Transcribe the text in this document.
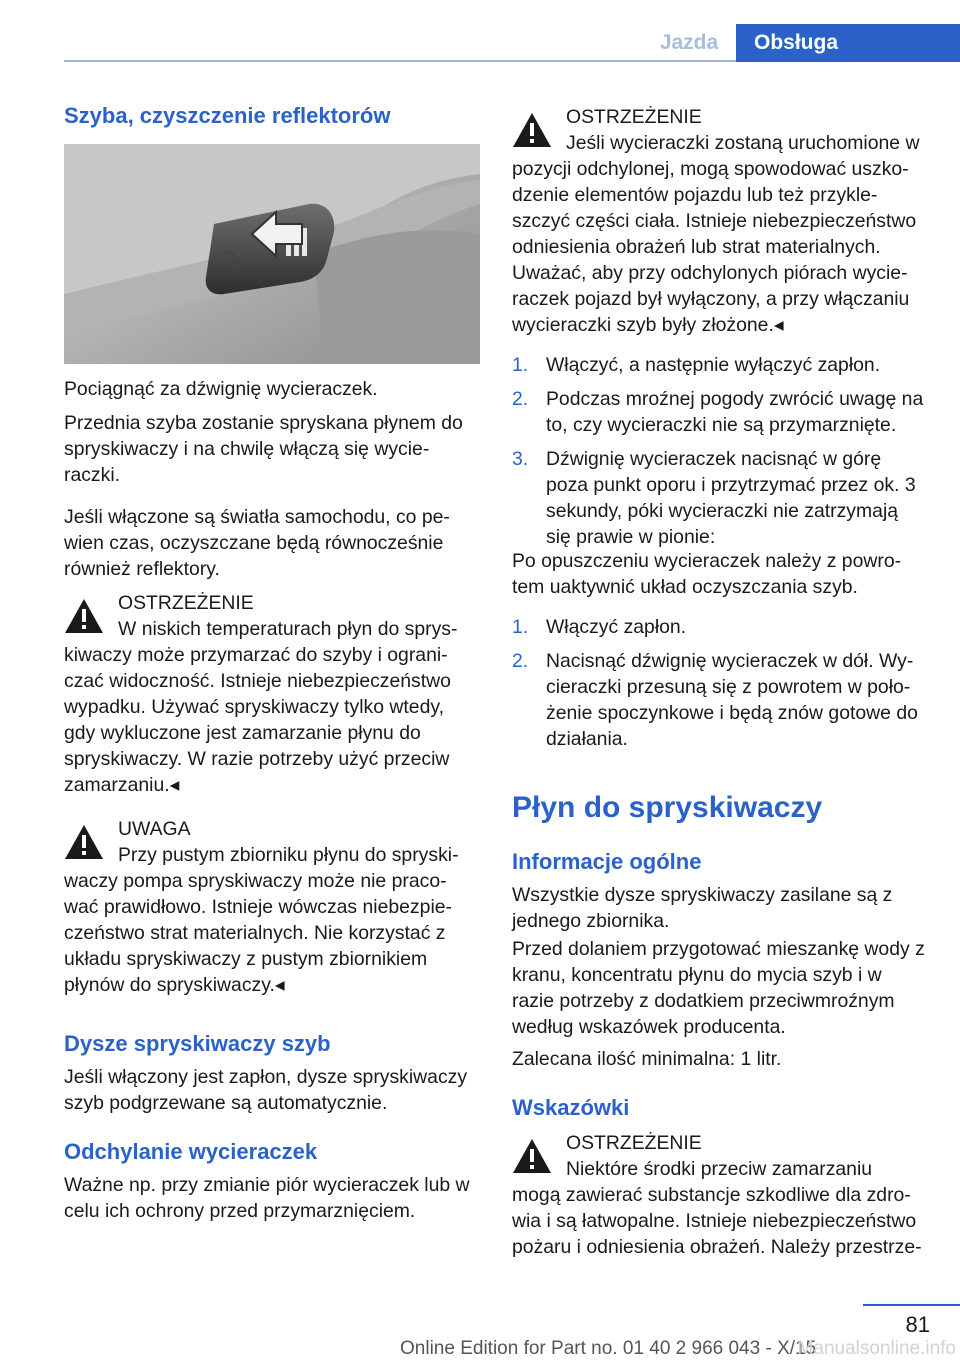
Jazda	Obsługa
Szyba, czyszczenie reflektorów
Pociągnąć za dźwignię wycieraczek.
Przednia szyba zostanie spryskana płynem do spryskiwaczy i na chwilę włączą się wycie-raczki.
Jeśli włączone są światła samochodu, co pe-wien czas, oczyszczane będą równocześnie również reflektory.
OSTRZEŻENIE
W niskich temperaturach płyn do sprys-
kiwaczy może przymarzać do szyby i ograni-czać widoczność. Istnieje niebezpieczeństwo wypadku. Używać spryskiwaczy tylko wtedy, gdy wykluczone jest zamarzanie płynu do spryskiwaczy. W razie potrzeby użyć przeciw zamarzaniu.◂
UWAGA
Przy pustym zbiorniku płynu do spryski-
waczy pompa spryskiwaczy może nie praco-wać prawidłowo. Istnieje wówczas niebezpie-czeństwo strat materialnych. Nie korzystać z układu spryskiwaczy z pustym zbiornikiem płynów do spryskiwaczy.◂
Dysze spryskiwaczy szyb
Jeśli włączony jest zapłon, dysze spryskiwaczy szyb podgrzewane są automatycznie.
Odchylanie wycieraczek
Ważne np. przy zmianie piór wycieraczek lub w celu ich ochrony przed przymarznięciem.
OSTRZEŻENIE
Jeśli wycieraczki zostaną uruchomione w
pozycji odchylonej, mogą spowodować uszko-dzenie elementów pojazdu lub też przykle-szczyć części ciała. Istnieje niebezpieczeństwo odniesienia obrażeń lub strat materialnych. Uważać, aby przy odchylonych piórach wycie-raczek pojazd był wyłączony, a przy włączaniu wycieraczki szyb były złożone.◂
1. Włączyć, a następnie wyłączyć zapłon.
2. Podczas mroźnej pogody zwrócić uwagę na to, czy wycieraczki nie są przymarznięte.
3. Dźwignię wycieraczek nacisnąć w górę poza punkt oporu i przytrzymać przez ok. 3 sekundy, póki wycieraczki nie zatrzymają się prawie w pionie:
Po opuszczeniu wycieraczek należy z powro-tem uaktywnić układ oczyszczania szyb.
1. Włączyć zapłon.
2. Nacisnąć dźwignię wycieraczek w dół. Wy-cieraczki przesuną się z powrotem w poło-żenie spoczynkowe i będą znów gotowe do działania.
Płyn do spryskiwaczy
Informacje ogólne
Wszystkie dysze spryskiwaczy zasilane są z jednego zbiornika.
Przed dolaniem przygotować mieszankę wody z kranu, koncentratu płynu do mycia szyb i w razie potrzeby z dodatkiem przeciwmroźnym według wskazówek producenta.
Zalecana ilość minimalna: 1 litr.
Wskazówki
OSTRZEŻENIE
Niektóre środki przeciw zamarzaniu
mogą zawierać substancje szkodliwe dla zdro-wia i są łatwopalne. Istnieje niebezpieczeństwo pożaru i odniesienia obrażeń. Należy przestrze-
81
Online Edition for Part no. 01 40 2 966 043 - X/15
Manualsonline.info
